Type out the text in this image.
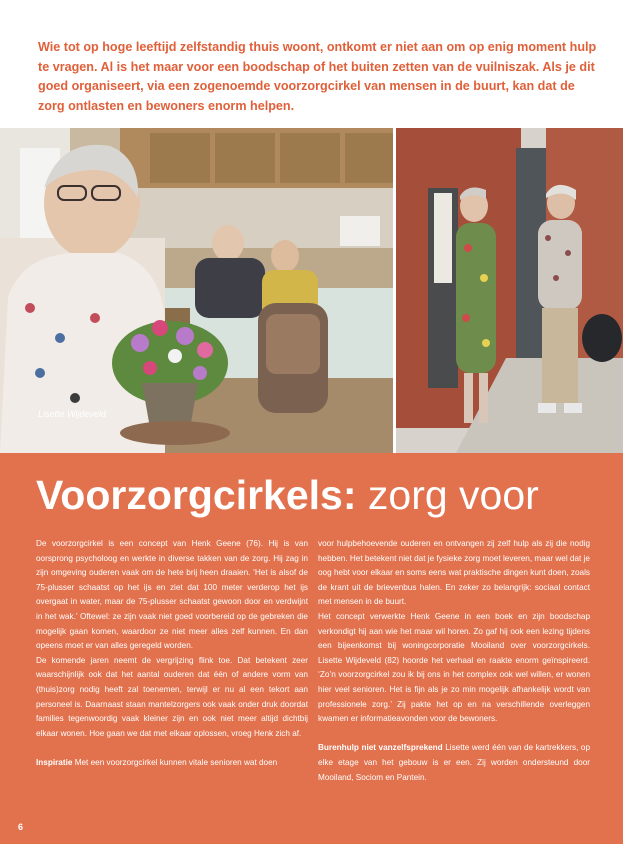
Wie tot op hoge leeftijd zelfstandig thuis woont, ontkomt er niet aan om op enig moment hulp te vragen. Al is het maar voor een boodschap of het buiten zetten van de vuilniszak. Als je dit goed organiseert, via een zogenoemde voorzorgcirkel van mensen in de buurt, kan dat de zorg ontlasten en bewoners enorm helpen.
Lisette Wijdeveld
Voorzorgcirkels: zorg voor

De voorzorgcirkel is een concept van Henk Geene (76). Hij is van oorsprong psycholoog en werkte in diverse takken van de zorg. Hij zag in zijn omgeving ouderen vaak om de hete brij heen draaien. ‘Het is alsof de 75-plusser schaatst op het ijs en ziet dat 100 meter verderop het ijs overgaat in water, maar de 75-plusser schaatst gewoon door en verdwijnt in het wak.’ Oftewel: ze zijn vaak niet goed voorbereid op de gebreken die mogelijk gaan komen, waardoor ze niet meer alles zelf kunnen. En dan opeens moet er van alles geregeld worden.

De komende jaren neemt de vergrijzing flink toe. Dat betekent zeer waarschijnlijk ook dat het aantal ouderen dat één of andere vorm van (thuis)zorg nodig heeft zal toenemen, terwijl er nu al een tekort aan personeel is. Daarnaast staan mantelzorgers ook vaak onder druk doordat families tegenwoordig vaak kleiner zijn en ook niet meer altijd dichtbij elkaar wonen. Hoe gaan we dat met elkaar oplossen, vroeg Henk zich af.

Inspiratie Met een voorzorgcirkel kunnen vitale senioren wat doen

voor hulpbehoevende ouderen en ontvangen zij zelf hulp als zij die nodig hebben. Het betekent niet dat je fysieke zorg moet leveren, maar wel dat je oog hebt voor elkaar en soms eens wat praktische dingen kunt doen, zoals de krant uit de brievenbus halen. En zeker zo belangrijk: sociaal contact met mensen in de buurt.

Het concept verwerkte Henk Geene in een boek en zijn boodschap verkondigt hij aan wie het maar wil horen. Zo gaf hij ook een lezing tijdens een bijeenkomst bij woningcorporatie Mooiland over voorzorgcirkels. Lisette Wijdeveld (82) hoorde het verhaal en raakte enorm geïnspireerd. ‘Zo’n voorzorgcirkel zou ik bij ons in het complex ook wel willen, er wonen hier veel senioren. Het is fijn als je zo min mogelijk afhankelijk wordt van professionele zorg.’ Zij pakte het op en na verschillende overleggen kwamen er informatieavonden voor de bewoners.

Burenhulp niet vanzelfsprekend Lisette werd één van de kartrekkers, op elke etage van het gebouw is er een. Zij worden ondersteund door Mooiland, Sociom en Pantein.

6
